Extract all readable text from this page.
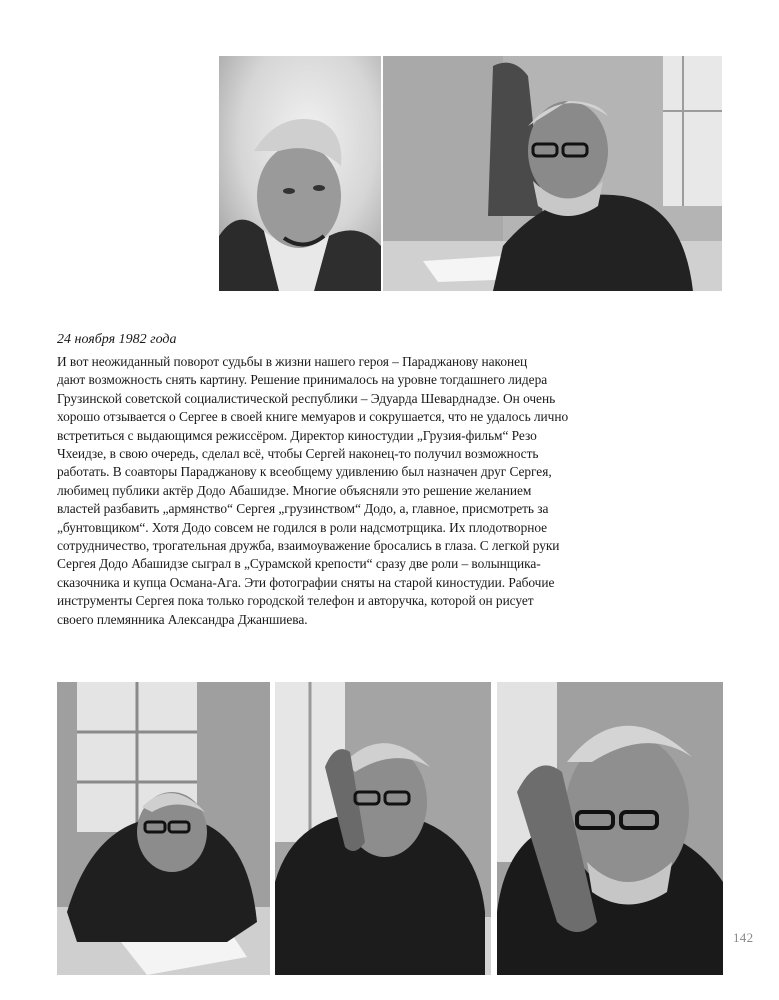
24 ноября 1982 года

И вот неожиданный поворот судьбы в жизни нашего героя – Параджанову наконец
дают возможность снять картину. Решение принималось на уровне тогдашнего лидера
Грузинской советской социалистической республики – Эдуарда Шеварднадзе. Он очень
хорошо отзывается о Сергее в своей книге мемуаров и сокрушается, что не удалось лично
встретиться с выдающимся режиссёром. Директор киностудии „Грузия-фильм“ Резо
Чхеидзе, в свою очередь, сделал всё, чтобы Сергей наконец-то получил возможность
работать. В соавторы Параджанову к всеобщему удивлению был назначен друг Сергея,
любимец публики актёр Додо Абашидзе. Многие объясняли это решение желанием
властей разбавить „армянство“ Сергея „грузинством“ Додо, а, главное, присмотреть за
„бунтовщиком“. Хотя Додо совсем не годился в роли надсмотрщика. Их плодотворное
сотрудничество, трогательная дружба, взаимоуважение бросались в глаза. С легкой руки
Сергея Додо Абашидзе сыграл в „Сурамской крепости“ сразу две роли – волынщика-
сказочника и купца Османа-Ага. Эти фотографии сняты на старой киностудии. Рабочие
инструменты Сергея пока только городской телефон и авторучка, которой он рисует
своего племянника Александра Джаншиева.

142
